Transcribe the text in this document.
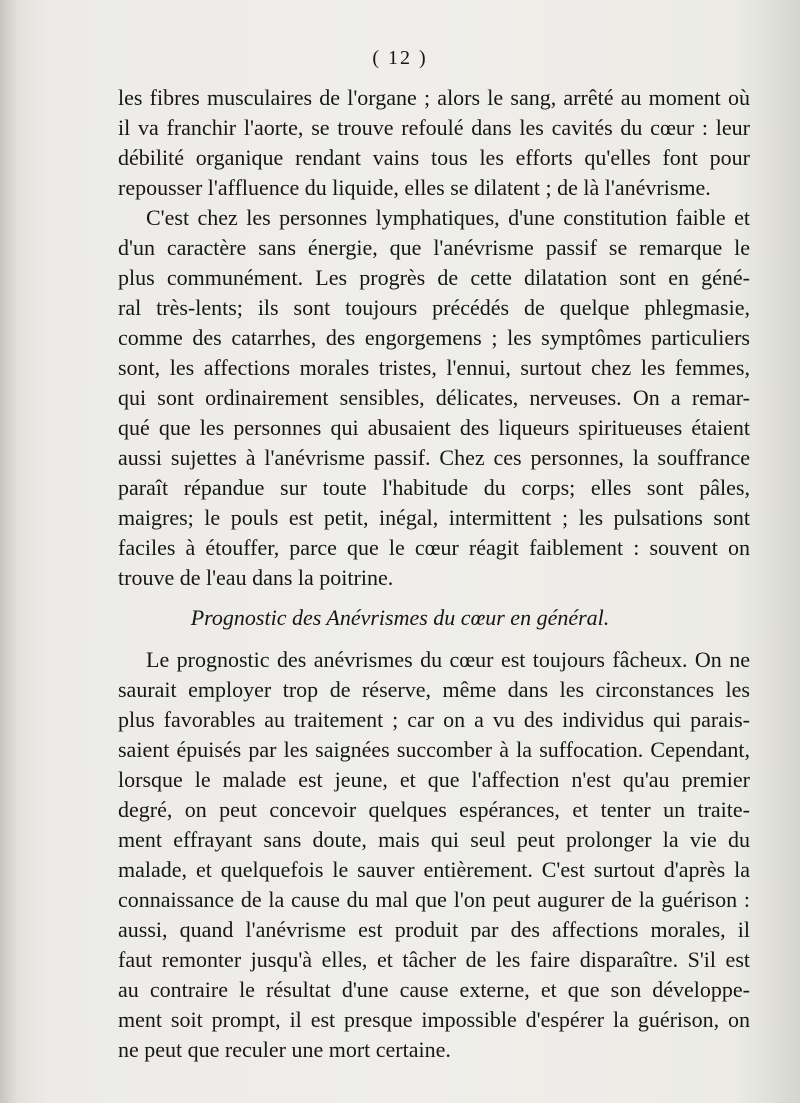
( 12 )
les fibres musculaires de l'organe ; alors le sang, arrêté au moment où
il va franchir l'aorte, se trouve refoulé dans les cavités du cœur : leur
débilité organique rendant vains tous les efforts qu'elles font pour
repousser l'affluence du liquide, elles se dilatent ; de là l'anévrisme.
C'est chez les personnes lymphatiques, d'une constitution faible et
d'un caractère sans énergie, que l'anévrisme passif se remarque le
plus communément. Les progrès de cette dilatation sont en géné-
ral très-lents; ils sont toujours précédés de quelque phlegmasie,
comme des catarrhes, des engorgemens ; les symptômes particuliers
sont, les affections morales tristes, l'ennui, surtout chez les femmes,
qui sont ordinairement sensibles, délicates, nerveuses. On a remar-
qué que les personnes qui abusaient des liqueurs spiritueuses étaient
aussi sujettes à l'anévrisme passif. Chez ces personnes, la souffrance
paraît répandue sur toute l'habitude du corps; elles sont pâles,
maigres; le pouls est petit, inégal, intermittent ; les pulsations sont
faciles à étouffer, parce que le cœur réagit faiblement : souvent on
trouve de l'eau dans la poitrine.
Prognostic des Anévrismes du cœur en général.
Le prognostic des anévrismes du cœur est toujours fâcheux. On ne
saurait employer trop de réserve, même dans les circonstances les
plus favorables au traitement ; car on a vu des individus qui parais-
saient épuisés par les saignées succomber à la suffocation. Cependant,
lorsque le malade est jeune, et que l'affection n'est qu'au premier
degré, on peut concevoir quelques espérances, et tenter un traite-
ment effrayant sans doute, mais qui seul peut prolonger la vie du
malade, et quelquefois le sauver entièrement. C'est surtout d'après la
connaissance de la cause du mal que l'on peut augurer de la guérison :
aussi, quand l'anévrisme est produit par des affections morales, il
faut remonter jusqu'à elles, et tâcher de les faire disparaître. S'il est
au contraire le résultat d'une cause externe, et que son développe-
ment soit prompt, il est presque impossible d'espérer la guérison, on
ne peut que reculer une mort certaine.
